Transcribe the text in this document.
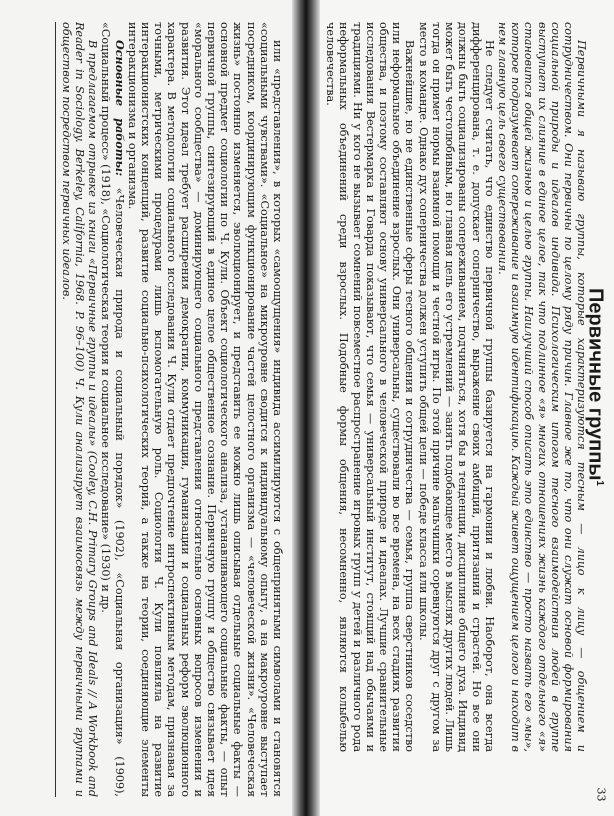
или «представления», в которых «самоощущения» индивида ассимилируются с общепринятыми символами и становятся «социальными чувствами». «Социальное» на микроуровне сводится к индивидуальному опыту, а на макроуровне выступает посредником, координирующим функционирование частей целостного организма — «человеческой жизни». «Человеческая жизнь» постоянно изменяется, эволюционирует, и представить ее можно лишь описывая отдельные социальные факты — основной предмет социологии по Ч. Кули. Объект социологического анализа, устанавливающего социальные факты, — опыт первичной группы, синтезирующий в единое целое общественное сознание. Первичную группу и общество связывает идея «морального сообщества» — доминирующего социального представления относительно основных вопросов изменения и развития. Этот идеал требует расширения демократии, коммуникации, гуманизации и социальных реформ эволюционного характера. В методологии социального исследования Ч. Кули отдает предпочтение интроспективным методам, признавая за точными, метрическими процедурами лишь вспомогательную роль. Социология Ч. Кули повлияла на развитие интеракционистских концепций, развитие социально-психологических теорий, а также на теории, соединяющие элементы интеракционизма и организма.

Основные работы: «Человеческая природа и социальный порядок» (1902), «Социальная организация» (1909), «Социальный процесс» (1918), «Социологическая теория и социальное исследование» (1930) и др.

В предлагаемом отрывке из книги «Первичные группы и идеалы» (Cooley, C.H. Primary Groups and Ideals // A Workbook and Reader in Sociology. Berkeley, California, 1968. P. 96–100) Ч. Кули анализирует взаимосвязь между первичными группами и обществом посредством первичных идеалов.

Первичные группы$^1$

Первичными я называю группы, которые характеризуются тесным — лицо к лицу — общением и сотрудничеством. Они первичны по целому ряду причин. Главное же то, что они служат основой формирования социальной природы и идеалов индивида. Психологическим итогом тесного взаимодействия людей в группе выступает их слияние в единое целое, так что подлинное «я» многих отношениях жизнь каждого отдельного «я» становится общей жизнью и целью группы. Наилучший способ описать это единство — просто назвать его «мы», которое подразумевает сопереживание и взаимную идентификацию. Каждый живет ощущением целого и находит в нем главную цель своего существования.

Не следует считать, что единство первичной группы базируется на гармонии и любви. Наоборот, она всегда дифференцирована, т. е. допускает соперничество, выражение своих амбиций, притязаний и страстей. Но все они должны быть социализированы сопереживанием, подчиняться, хотя бы в тенденции, дисциплине общего духа. Индивид может быть честолюбивым, но главная цель его устремлений — занять подобающее место в мыслях других людей. Лишь тогда он примет нормы взаимной помощи и честной игры. По этой причине мальчишки соревнуются друг с другом за место в команде. Однако дух соперничества должен уступить общей цели — победе класса или школы.

Важнейшие, но не единственные сферы тесного общения и сотрудничества — семья, группа сверстников соседство или неформальное объединение взрослых. Они универсальны, существовали во все времена, на всех стадиях развития общества, и поэтому составляют основу универсального в человеческой природе и идеалах. Лучшие сравнительные исследования Вестермарка и Говарда показывают, что семья — универсальный институт, стоящий над обычаями и традициями. Ни у кого не вызывает сомнений повсеместное распространение игровых групп у детей и различного рода неформальных объединений среди взрослых. Подобные формы общения, несомненно, являются колыбелью человечества.

33
